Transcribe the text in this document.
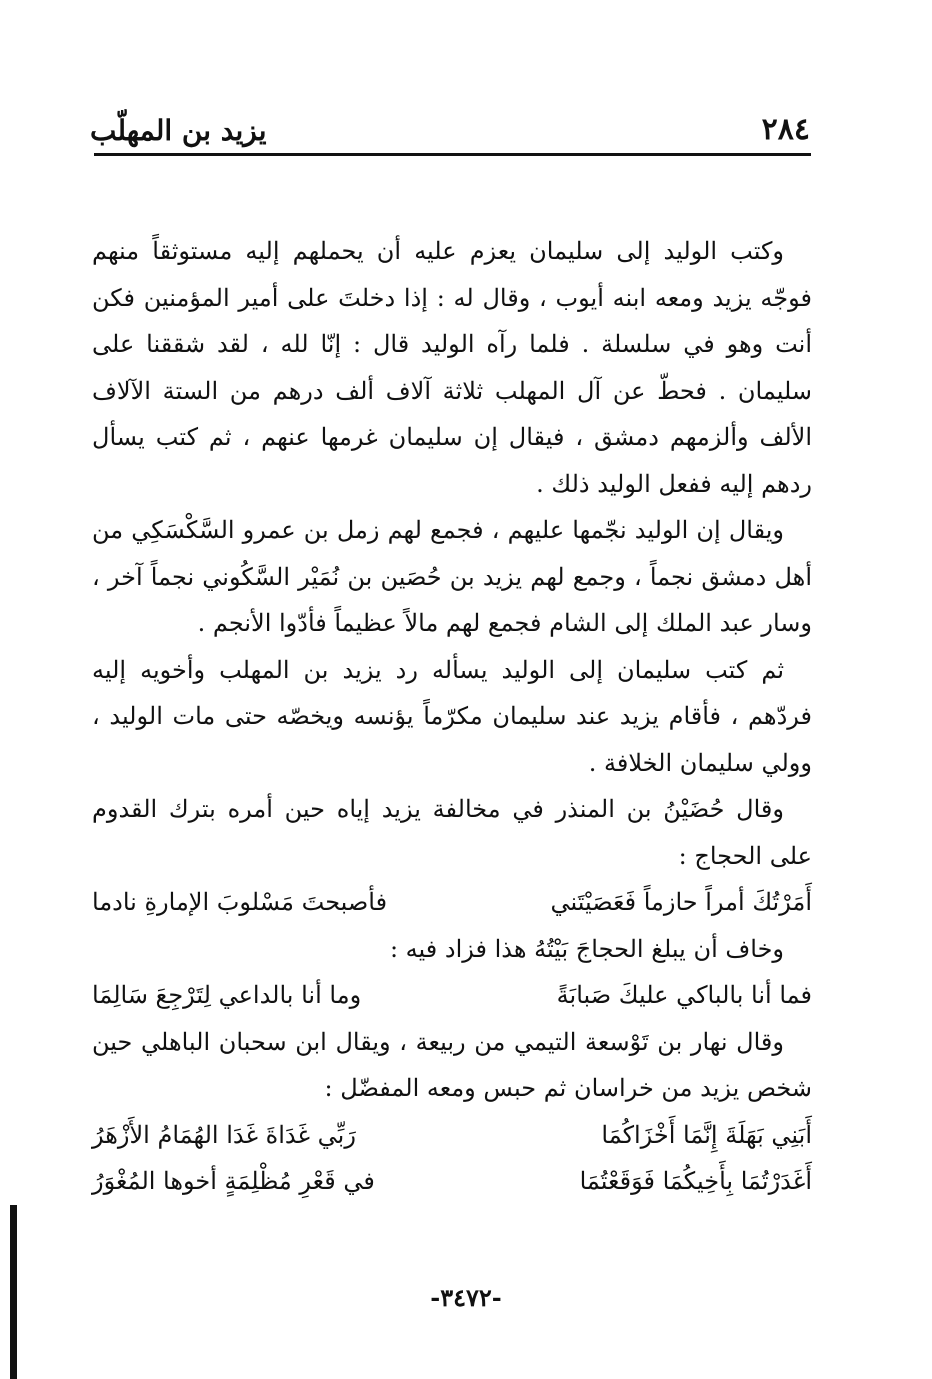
يزيد بن المهلّب	٢٨٤

وكتب الوليد إلى سليمان يعزم عليه أن يحملهم إليه مستوثقاً منهم فوجّه يزيد ومعه ابنه أيوب ، وقال له : إذا دخلتَ على أمير المؤمنين فكن أنت وهو في سلسلة . فلما رآه الوليد قال : إنّا لله ، لقد شققنا على سليمان . فحطّ عن آل المهلب ثلاثة آلاف ألف درهم من الستة الآلاف الألف وألزمهم دمشق ، فيقال إن سليمان غرمها عنهم ، ثم كتب يسأل ردهم إليه ففعل الوليد ذلك .

ويقال إن الوليد نجّمها عليهم ، فجمع لهم زمل بن عمرو السَّكْسَكِي من أهل دمشق نجماً ، وجمع لهم يزيد بن حُصَين بن نُمَيْر السَّكُوني نجماً آخر ، وسار عبد الملك إلى الشام فجمع لهم مالاً عظيماً فأدّوا الأنجم .

ثم كتب سليمان إلى الوليد يسأله رد يزيد بن المهلب وأخويه إليه فردّهم ، فأقام يزيد عند سليمان مكرّماً يؤنسه ويخصّه حتى مات الوليد ، وولي سليمان الخلافة .

وقال حُضَيْنُ بن المنذر في مخالفة يزيد إياه حين أمره بترك القدوم على الحجاج :

أَمَرْتُكَ أمراً حازماً فَعَصَيْتَني
فأصبحتَ مَسْلوبَ الإمارةِ نادما

وخاف أن يبلغ الحجاجَ بَيْتُهُ هذا فزاد فيه :

فما أنا بالباكي عليكَ صَبابَةً
وما أنا بالداعي لِتَرْجِعَ سَالِمَا

وقال نهار بن تَوْسعة التيمي من ربيعة ، ويقال ابن سحبان الباهلي حين شخص يزيد من خراسان ثم حبس ومعه المفضّل :

أَبَنِي بَهَلَةَ إِنَّمَا أَخْزَاكُمَا
رَبِّي غَدَاةَ غَدَا الهُمَامُ الأَزْهَرُ
أَغَدَرْتُمَا بِأَخِيكُمَا فَوَقَعْتُمَا
في قَعْرِ مُظْلِمَةٍ أخوها المُغْوَرُ
-٣٤٧٢-
